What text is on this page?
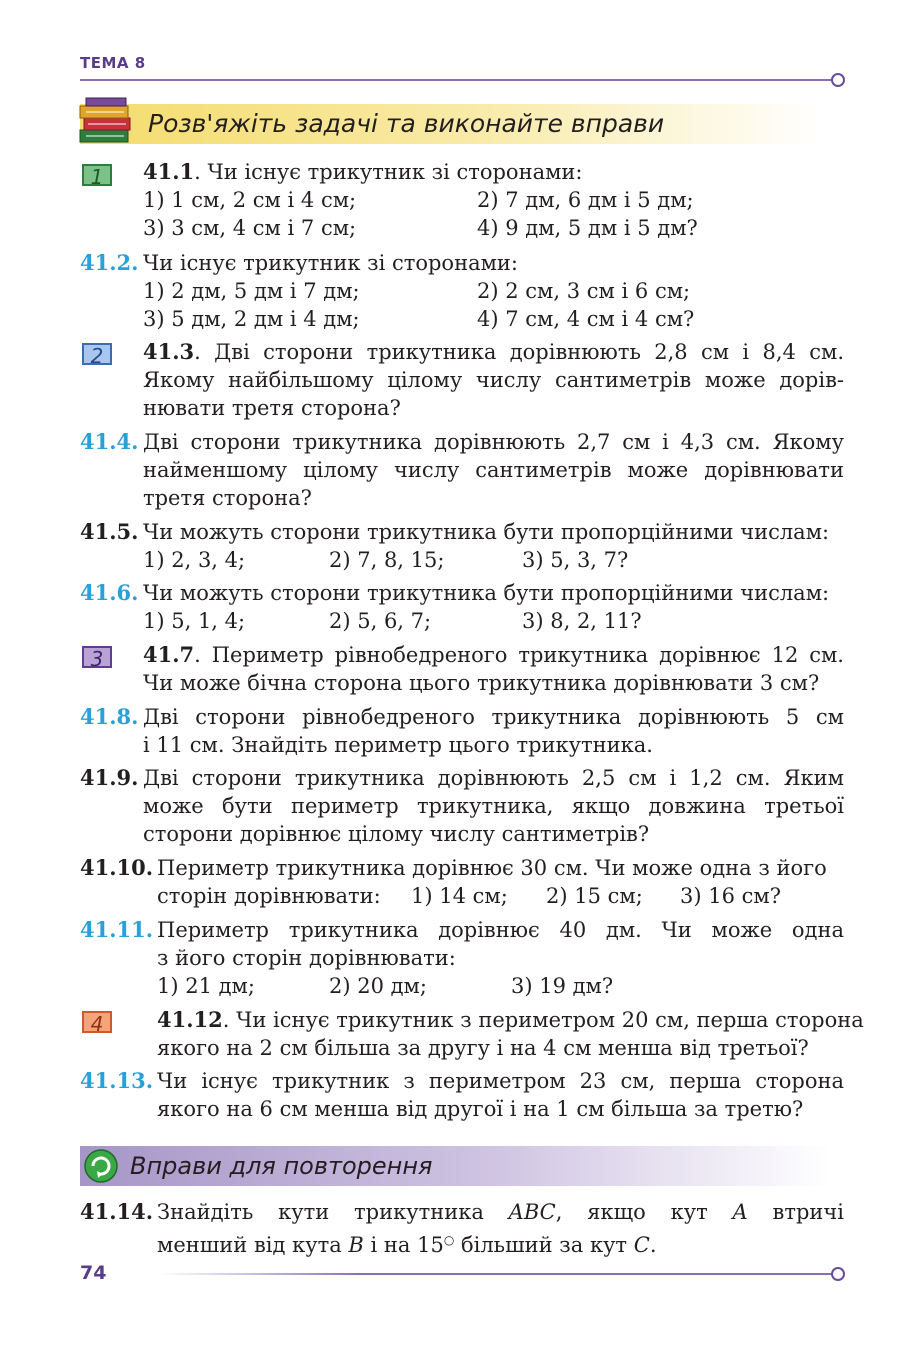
ТЕМА 8
Розв'яжіть задачі та виконайте вправи
1	41.1. Чи існує трикутник зі сторонами:
1) 1 см, 2 см і 4 см;	2) 7 дм, 6 дм і 5 дм;
3) 3 см, 4 см і 7 см;	4) 9 дм, 5 дм і 5 дм?
41.2. Чи існує трикутник зі сторонами:
1) 2 дм, 5 дм і 7 дм;	2) 2 см, 3 см і 6 см;
3) 5 дм, 2 дм і 4 дм;	4) 7 см, 4 см і 4 см?
2	41.3. Дві сторони трикутника дорівнюють 2,8 см і 8,4 см.
Якому найбільшому цілому числу сантиметрів може дорів-
нювати третя сторона?
41.4. Дві сторони трикутника дорівнюють 2,7 см і 4,3 см. Якому
найменшому цілому числу сантиметрів може дорівнювати
третя сторона?
41.5. Чи можуть сторони трикутника бути пропорційними числам:
1) 2, 3, 4;	2) 7, 8, 15;	3) 5, 3, 7?
41.6. Чи можуть сторони трикутника бути пропорційними числам:
1) 5, 1, 4;	2) 5, 6, 7;	3) 8, 2, 11?
3	41.7. Периметр рівнобедреного трикутника дорівнює 12 см.
Чи може бічна сторона цього трикутника дорівнювати 3 см?
41.8. Дві сторони рівнобедреного трикутника дорівнюють 5 см
і 11 см. Знайдіть периметр цього трикутника.
41.9. Дві сторони трикутника дорівнюють 2,5 см і 1,2 см. Яким
може бути периметр трикутника, якщо довжина третьої
сторони дорівнює цілому числу сантиметрів?
41.10. Периметр трикутника дорівнює 30 см. Чи може одна з його
сторін дорівнювати: 1) 14 см; 2) 15 см; 3) 16 см?
41.11. Периметр трикутника дорівнює 40 дм. Чи може одна
з його сторін дорівнювати:
1) 21 дм;	2) 20 дм;	3) 19 дм?
4	41.12. Чи існує трикутник з периметром 20 см, перша сторона
якого на 2 см більша за другу і на 4 см менша від третьої?
41.13. Чи існує трикутник з периметром 23 см, перша сторона
якого на 6 см менша від другої і на 1 см більша за третю?
Вправи для повторення
41.14. Знайдіть кути трикутника ABC, якщо кут A втричі
менший від кута B і на 15○ більший за кут C.
74
